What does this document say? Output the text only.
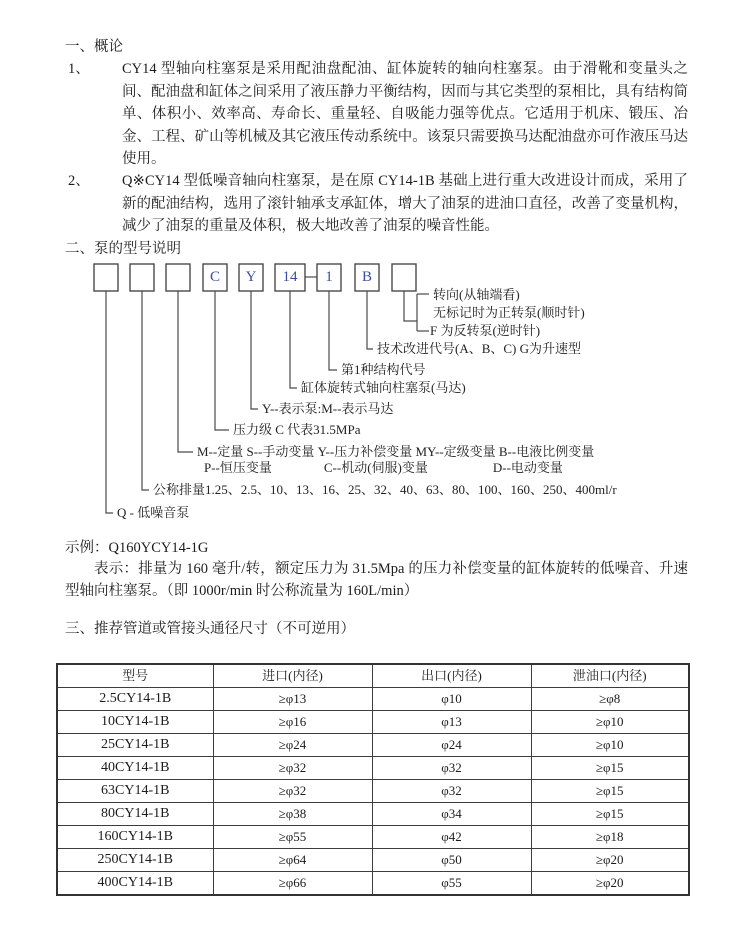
一、概论
1、	CY14 型轴向柱塞泵是采用配油盘配油、缸体旋转的轴向柱塞泵。由于滑靴和变量头之间、配油盘和缸体之间采用了液压静力平衡结构，因而与其它类型的泵相比，具有结构简单、体积小、效率高、寿命长、重量轻、自吸能力强等优点。它适用于机床、锻压、冶金、工程、矿山等机械及其它液压传动系统中。该泵只需要换马达配油盘亦可作液压马达使用。
2、	Q※CY14 型低噪音轴向柱塞泵，是在原 CY14-1B 基础上进行重大改进设计而成，采用了新的配油结构，选用了滚针轴承支承缸体，增大了油泵的进油口直径，改善了变量机构，减少了油泵的重量及体积，极大地改善了油泵的噪音性能。
二、泵的型号说明
C	Y	14	1	B
转向(从轴端看)
无标记时为正转泵(顺时针)
F 为反转泵(逆时针)
技术改进代号(A、B、C) G为升速型
第1种结构代号
缸体旋转式轴向柱塞泵(马达)
Y--表示泵:M--表示马达
压力级 C 代表31.5MPa
M--定量 S--手动变量 Y--压力补偿变量 MY--定级变量 B--电液比例变量
P--恒压变量　　　　C--机动(伺服)变量　　　　　D--电动变量
公称排量1.25、2.5、10、13、16、25、32、40、63、80、100、160、250、400ml/r
Q - 低噪音泵
示例：Q160YCY14-1G

表示：排量为 160 毫升/转，额定压力为 31.5Mpa 的压力补偿变量的缸体旋转的低噪音、升速型轴向柱塞泵。（即 1000r/min 时公称流量为 160L/min）

三、推荐管道或管接头通径尺寸（不可逆用）
型号	进口(内径)	出口(内径)	泄油口(内径)
2.5CY14-1B	≥φ13	φ10	≥φ8
10CY14-1B	≥φ16	φ13	≥φ10
25CY14-1B	≥φ24	φ24	≥φ10
40CY14-1B	≥φ32	φ32	≥φ15
63CY14-1B	≥φ32	φ32	≥φ15
80CY14-1B	≥φ38	φ34	≥φ15
160CY14-1B	≥φ55	φ42	≥φ18
250CY14-1B	≥φ64	φ50	≥φ20
400CY14-1B	≥φ66	φ55	≥φ20
